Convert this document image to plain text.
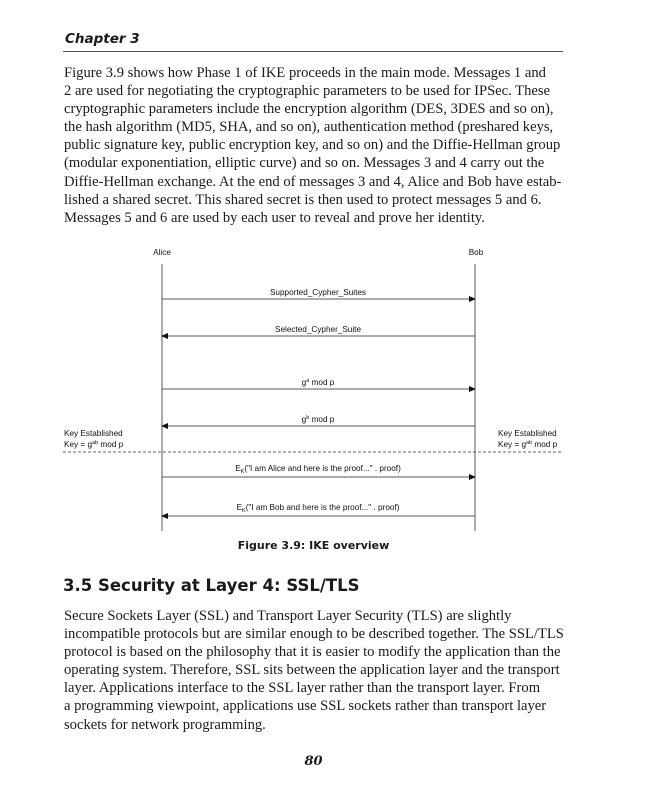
Chapter 3

Figure 3.9 shows how Phase 1 of IKE proceeds in the main mode. Messages 1 and
2 are used for negotiating the cryptographic parameters to be used for IPSec. These
cryptographic parameters include the encryption algorithm (DES, 3DES and so on),
the hash algorithm (MD5, SHA, and so on), authentication method (preshared keys,
public signature key, public encryption key, and so on) and the Diffie-Hellman group
(modular exponentiation, elliptic curve) and so on. Messages 3 and 4 carry out the
Diffie-Hellman exchange. At the end of messages 3 and 4, Alice and Bob have estab-
lished a shared secret. This shared secret is then used to protect messages 5 and 6.
Messages 5 and 6 are used by each user to reveal and prove her identity.

Alice	Bob
Supported_Cypher_Suites
Selected_Cypher_Suite
$g^a$ mod p
$g^b$ mod p
Key Established
Key = $g^{ab}$ mod p
Key Established
Key = $g^{ab}$ mod p
$E_K("I$ am Alice and here is the proof..." . proof)
$E_K("I$ am Bob and here is the proof..." . proof)
Figure 3.9: IKE overview
3.5 Security at Layer 4: SSL/TLS

Secure Sockets Layer (SSL) and Transport Layer Security (TLS) are slightly
incompatible protocols but are similar enough to be described together. The SSL/TLS
protocol is based on the philosophy that it is easier to modify the application than the
operating system. Therefore, SSL sits between the application layer and the transport
layer. Applications interface to the SSL layer rather than the transport layer. From
a programming viewpoint, applications use SSL sockets rather than transport layer
sockets for network programming.

80
